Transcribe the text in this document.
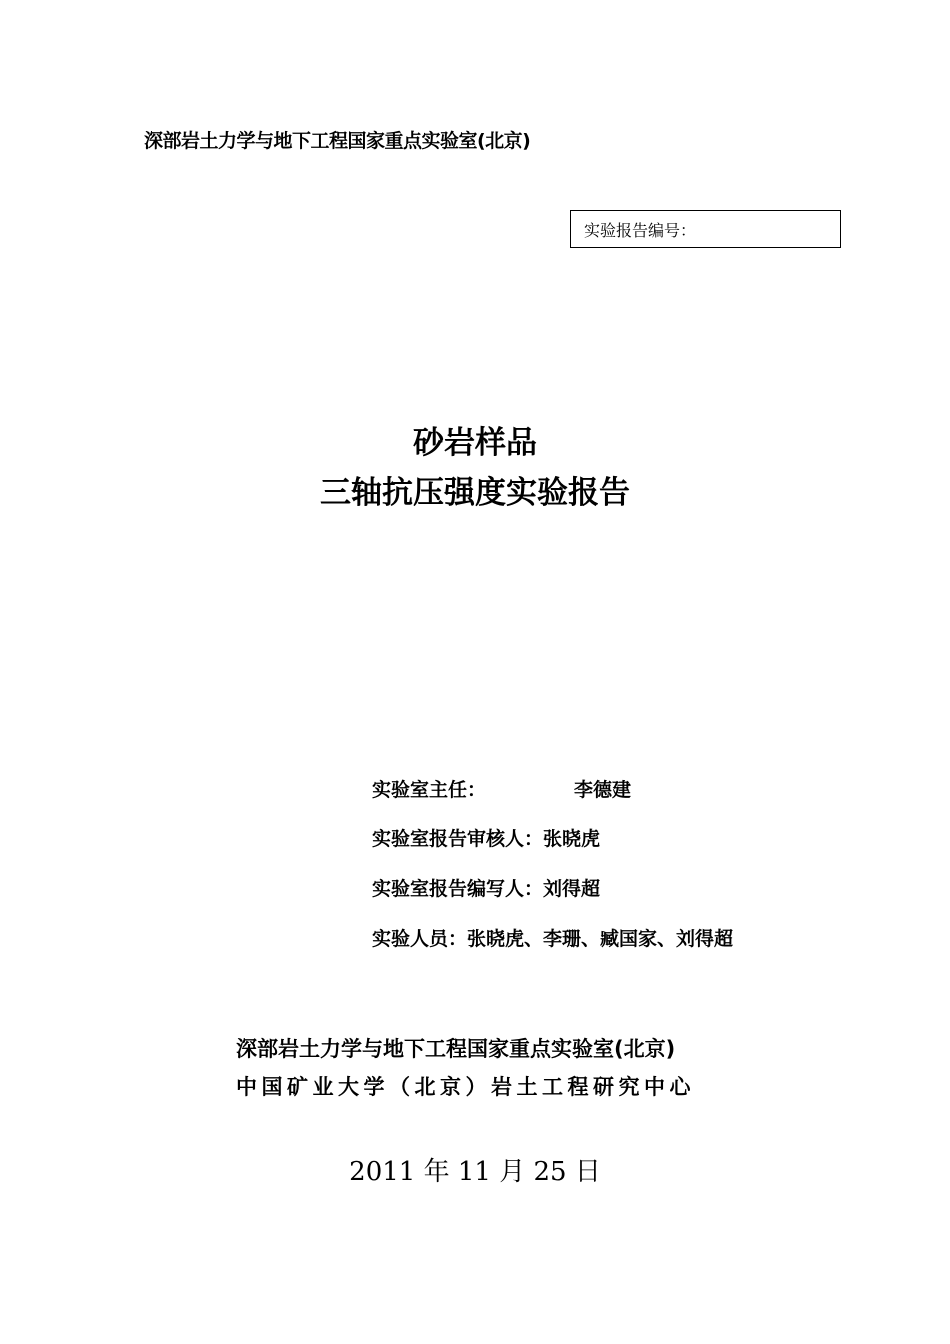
深部岩土力学与地下工程国家重点实验室(北京)
实验报告编号：
砂岩样品
三轴抗压强度实验报告
实验室主任：	李德建
实验室报告审核人：张晓虎
实验室报告编写人：刘得超
实验人员：张晓虎、李珊、臧国家、刘得超
深部岩土力学与地下工程国家重点实验室(北京)
中国矿业大学（北京）岩土工程研究中心
2011 年 11 月 25 日
